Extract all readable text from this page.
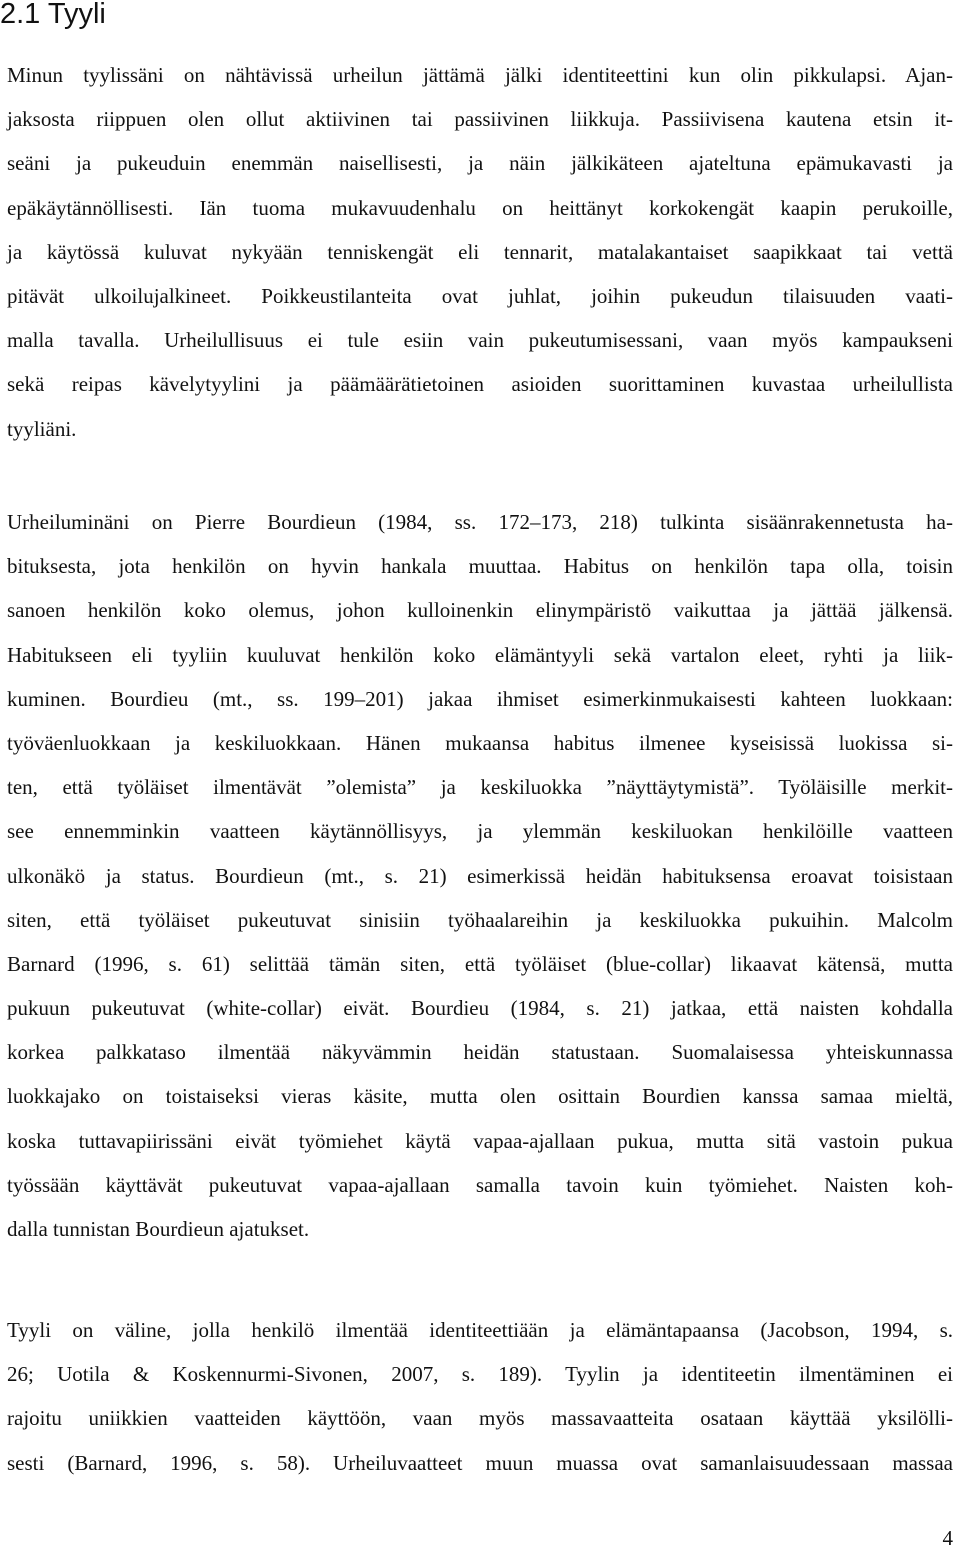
2.1 Tyyli
Minun tyylissäni on nähtävissä urheilun jättämä jälki identiteettini kun olin pikkulapsi. Ajan-
jaksosta riippuen olen ollut aktiivinen tai passiivinen liikkuja. Passiivisena kautena etsin it-
seäni ja pukeuduin enemmän naisellisesti, ja näin jälkikäteen ajateltuna epämukavasti ja
epäkäytännöllisesti. Iän tuoma mukavuudenhalu on heittänyt korkokengät kaapin perukoille,
ja käytössä kuluvat nykyään tenniskengät eli tennarit, matalakantaiset saapikkaat tai vettä
pitävät ulkoilujalkineet. Poikkeustilanteita ovat juhlat, joihin pukeudun tilaisuuden vaati-
malla tavalla. Urheilullisuus ei tule esiin vain pukeutumisessani, vaan myös kampaukseni
sekä reipas kävelytyylini ja päämäärätietoinen asioiden suorittaminen kuvastaa urheilullista
tyyliäni.
Urheiluminäni on Pierre Bourdieun (1984, ss. 172–173, 218) tulkinta sisäänrakennetusta ha-
bituksesta, jota henkilön on hyvin hankala muuttaa. Habitus on henkilön tapa olla, toisin
sanoen henkilön koko olemus, johon kulloinenkin elinympäristö vaikuttaa ja jättää jälkensä.
Habitukseen eli tyyliin kuuluvat henkilön koko elämäntyyli sekä vartalon eleet, ryhti ja liik-
kuminen. Bourdieu (mt., ss. 199–201) jakaa ihmiset esimerkinmukaisesti kahteen luokkaan:
työväenluokkaan ja keskiluokkaan. Hänen mukaansa habitus ilmenee kyseisissä luokissa si-
ten, että työläiset ilmentävät ”olemista” ja keskiluokka ”näyttäytymistä”. Työläisille merkit-
see ennemminkin vaatteen käytännöllisyys, ja ylemmän keskiluokan henkilöille vaatteen
ulkonäkö ja status. Bourdieun (mt., s. 21) esimerkissä heidän habituksensa eroavat toisistaan
siten, että työläiset pukeutuvat sinisiin työhaalareihin ja keskiluokka pukuihin. Malcolm
Barnard (1996, s. 61) selittää tämän siten, että työläiset (blue-collar) likaavat kätensä, mutta
pukuun pukeutuvat (white-collar) eivät. Bourdieu (1984, s. 21) jatkaa, että naisten kohdalla
korkea palkkataso ilmentää näkyvämmin heidän statustaan. Suomalaisessa yhteiskunnassa
luokkajako on toistaiseksi vieras käsite, mutta olen osittain Bourdien kanssa samaa mieltä,
koska tuttavapiirissäni eivät työmiehet käytä vapaa-ajallaan pukua, mutta sitä vastoin pukua
työssään käyttävät pukeutuvat vapaa-ajallaan samalla tavoin kuin työmiehet. Naisten koh-
dalla tunnistan Bourdieun ajatukset.
Tyyli on väline, jolla henkilö ilmentää identiteettiään ja elämäntapaansa (Jacobson, 1994, s.
26; Uotila & Koskennurmi-Sivonen, 2007, s. 189). Tyylin ja identiteetin ilmentäminen ei
rajoitu uniikkien vaatteiden käyttöön, vaan myös massavaatteita osataan käyttää yksilölli-
sesti (Barnard, 1996, s. 58). Urheiluvaatteet muun muassa ovat samanlaisuudessaan massaa
4
